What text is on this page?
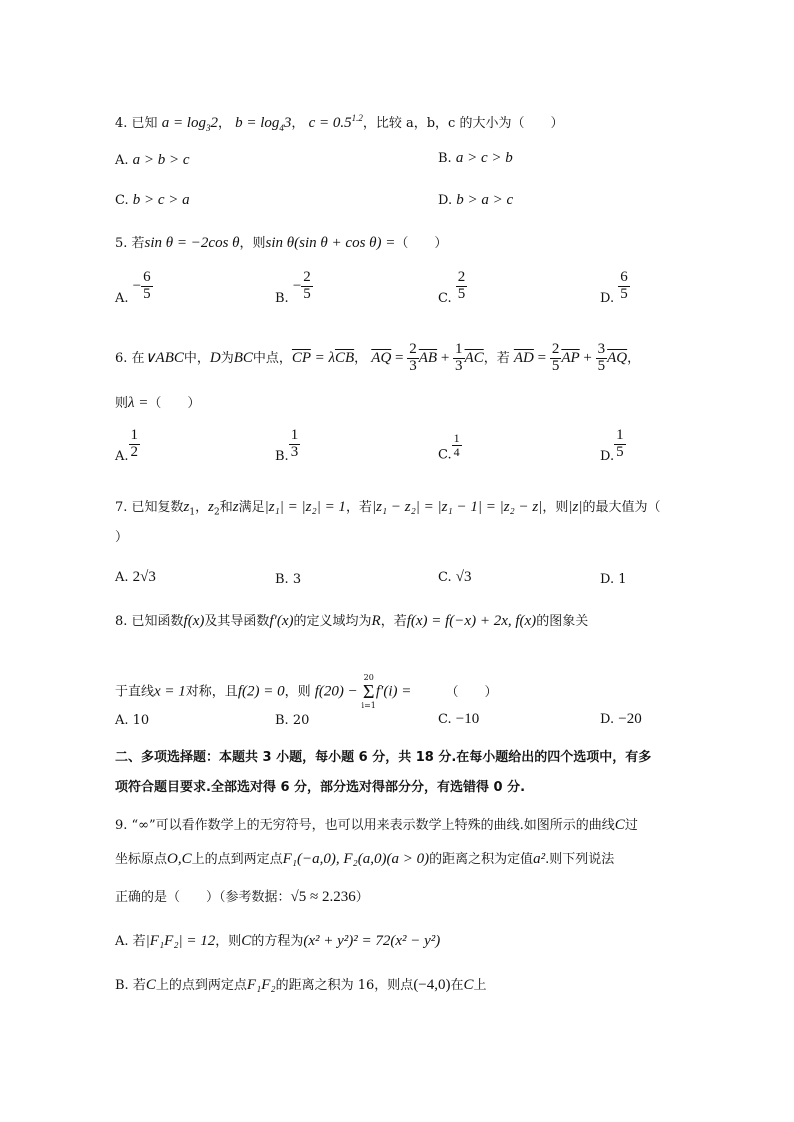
4. 已知 $a = \log_32$， $b = \log_43$， $c = 0.5^{1.2}$，比较 a，b，c 的大小为（　　）
A. a > b > c	B. a > c > b
C. b > c > a	D. b > a > c
5. 若sin θ = −2cos θ，则sin θ(sin θ + cos θ) =（　　）
A. − $\frac{6}{5}$	B. − $\frac{2}{5}$	C. $\frac{2}{5}$	D. $\frac{6}{5}$
6. 在∨ABC中，D为BC中点，$\overline{CP} = \lambda\overline{CB}$， $\overline{AQ} = \frac{2}{3} \overline{AB} + \frac{1}{3} \overline{AC}$，若 $\overline{AD} = \frac{2}{5} \overline{AP} + \frac{3}{5} \overline{AQ}$，
则λ =（　　）
A. $\frac{1}{2}$	B. $\frac{1}{3}$	C. $\frac{1}{4}$	D. $\frac{1}{5}$
7. 已知复数$z_1$，$z_2$和z满足|z₁| = |z₂| = 1，若|z₁ − z₂| = |z₁ − 1| = |z₂ − z|，则|z|的最大值为（
）
A. 2√3	B. 3	C. √3	D. 1
8. 已知函数f(x)及其导函数f′(x)的定义域均为R，若f(x) = f(−x) + 2x, f(x)的图象关
于直线x = 1对称，且f(2) = 0，则 f(20) −
20
Σ
i=1
f′(i) =	（　　）
A. 10	B. 20	C. −10	D. −20
二、多项选择题：本题共 3 小题，每小题 6 分，共 18 分.在每小题给出的四个选项中，有多
项符合题目要求.全部选对得 6 分，部分选对得部分分，有选错得 0 分.
9. “∞”可以看作数学上的无穷符号，也可以用来表示数学上特殊的曲线.如图所示的曲线C过
坐标原点O,C上的点到两定点F₁(−a,0), F₂(a,0)(a > 0)的距离之积为定值a².则下列说法
正确的是（　　）（参考数据：√5 ≈ 2.236）
A. 若|F₁F₂| = 12，则C的方程为(x² + y²)² = 72(x² − y²)
B. 若C上的点到两定点F₁F₂的距离之积为 16，则点(−4,0)在C上
